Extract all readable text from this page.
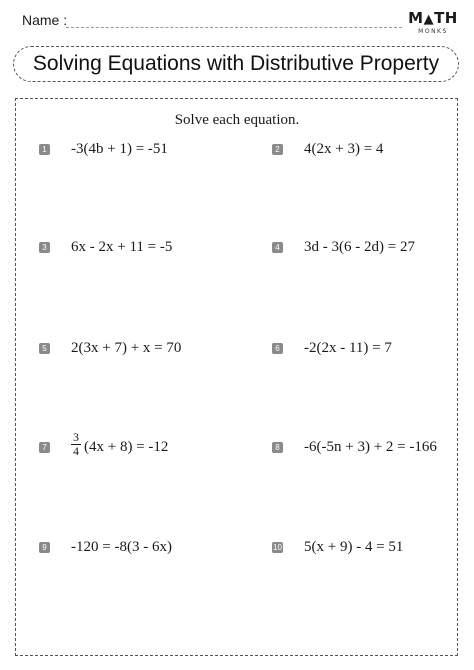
Name :	M▲TH
MONKS
Solving Equations with Distributive Property
Solve each equation.
1 -3(4b + 1) = -51
3 6x - 2x + 11 = -5
5 2(3x + 7) + x = 70
$7 \frac{3}{4} (4x + 8) = -12$
9 -120 = -8(3 - 6x)
2 4(2x + 3) = 4
4 3d - 3(6 - 2d) = 27
6 -2(2x - 11) = 7
8 -6(-5n + 3) + 2 = -166
10 5(x + 9) - 4 = 51
